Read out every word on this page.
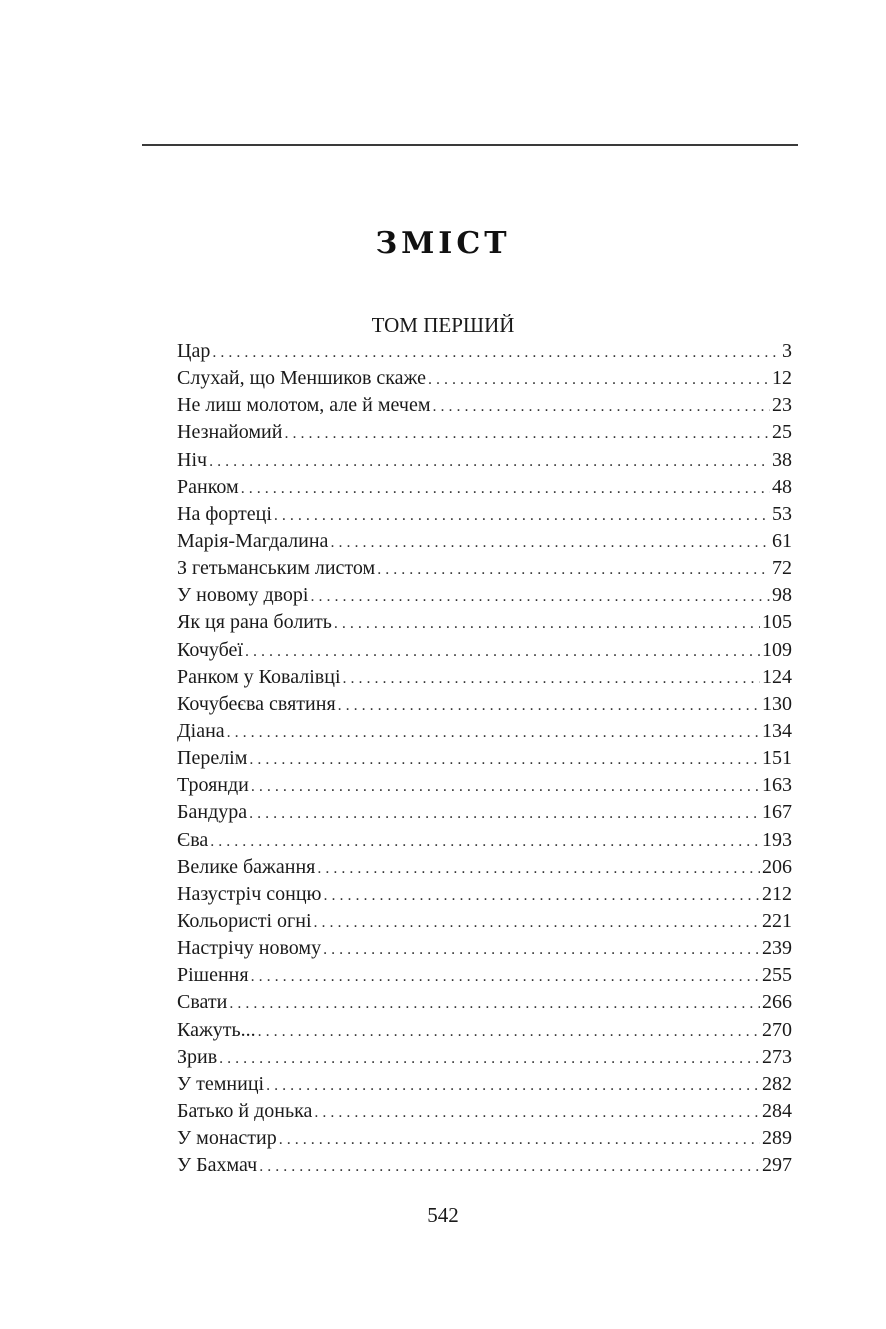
ЗМІСТ
ТОМ ПЕРШИЙ
Цар . . .	3
Слухай, що Меншиков скаже . . .	12
Не лиш молотом, але й мечем . . .	23
Незнайомий . . .	25
Ніч . . .	38
Ранком . . .	48
На фортеці . . .	53
Марія-Магдалина . . .	61
З гетьманським листом . . .	72
У новому дворі . . .	98
Як ця рана болить . . .	105
Кочубеї . . .	109
Ранком у Ковалівці . . .	124
Кочубеєва святиня . . .	130
Діана . . .	134
Перелім . . .	151
Троянди . . .	163
Бандура . . .	167
Єва . . .	193
Велике бажання . . .	206
Назустріч сонцю . . .	212
Кольористі огні . . .	221
Настрічу новому . . .	239
Рішення . . .	255
Свати . . .	266
Кажуть... . . .	270
Зрив . . .	273
У темниці . . .	282
Батько й донька . . .	284
У монастир . . .	289
У Бахмач . . .	297
542
